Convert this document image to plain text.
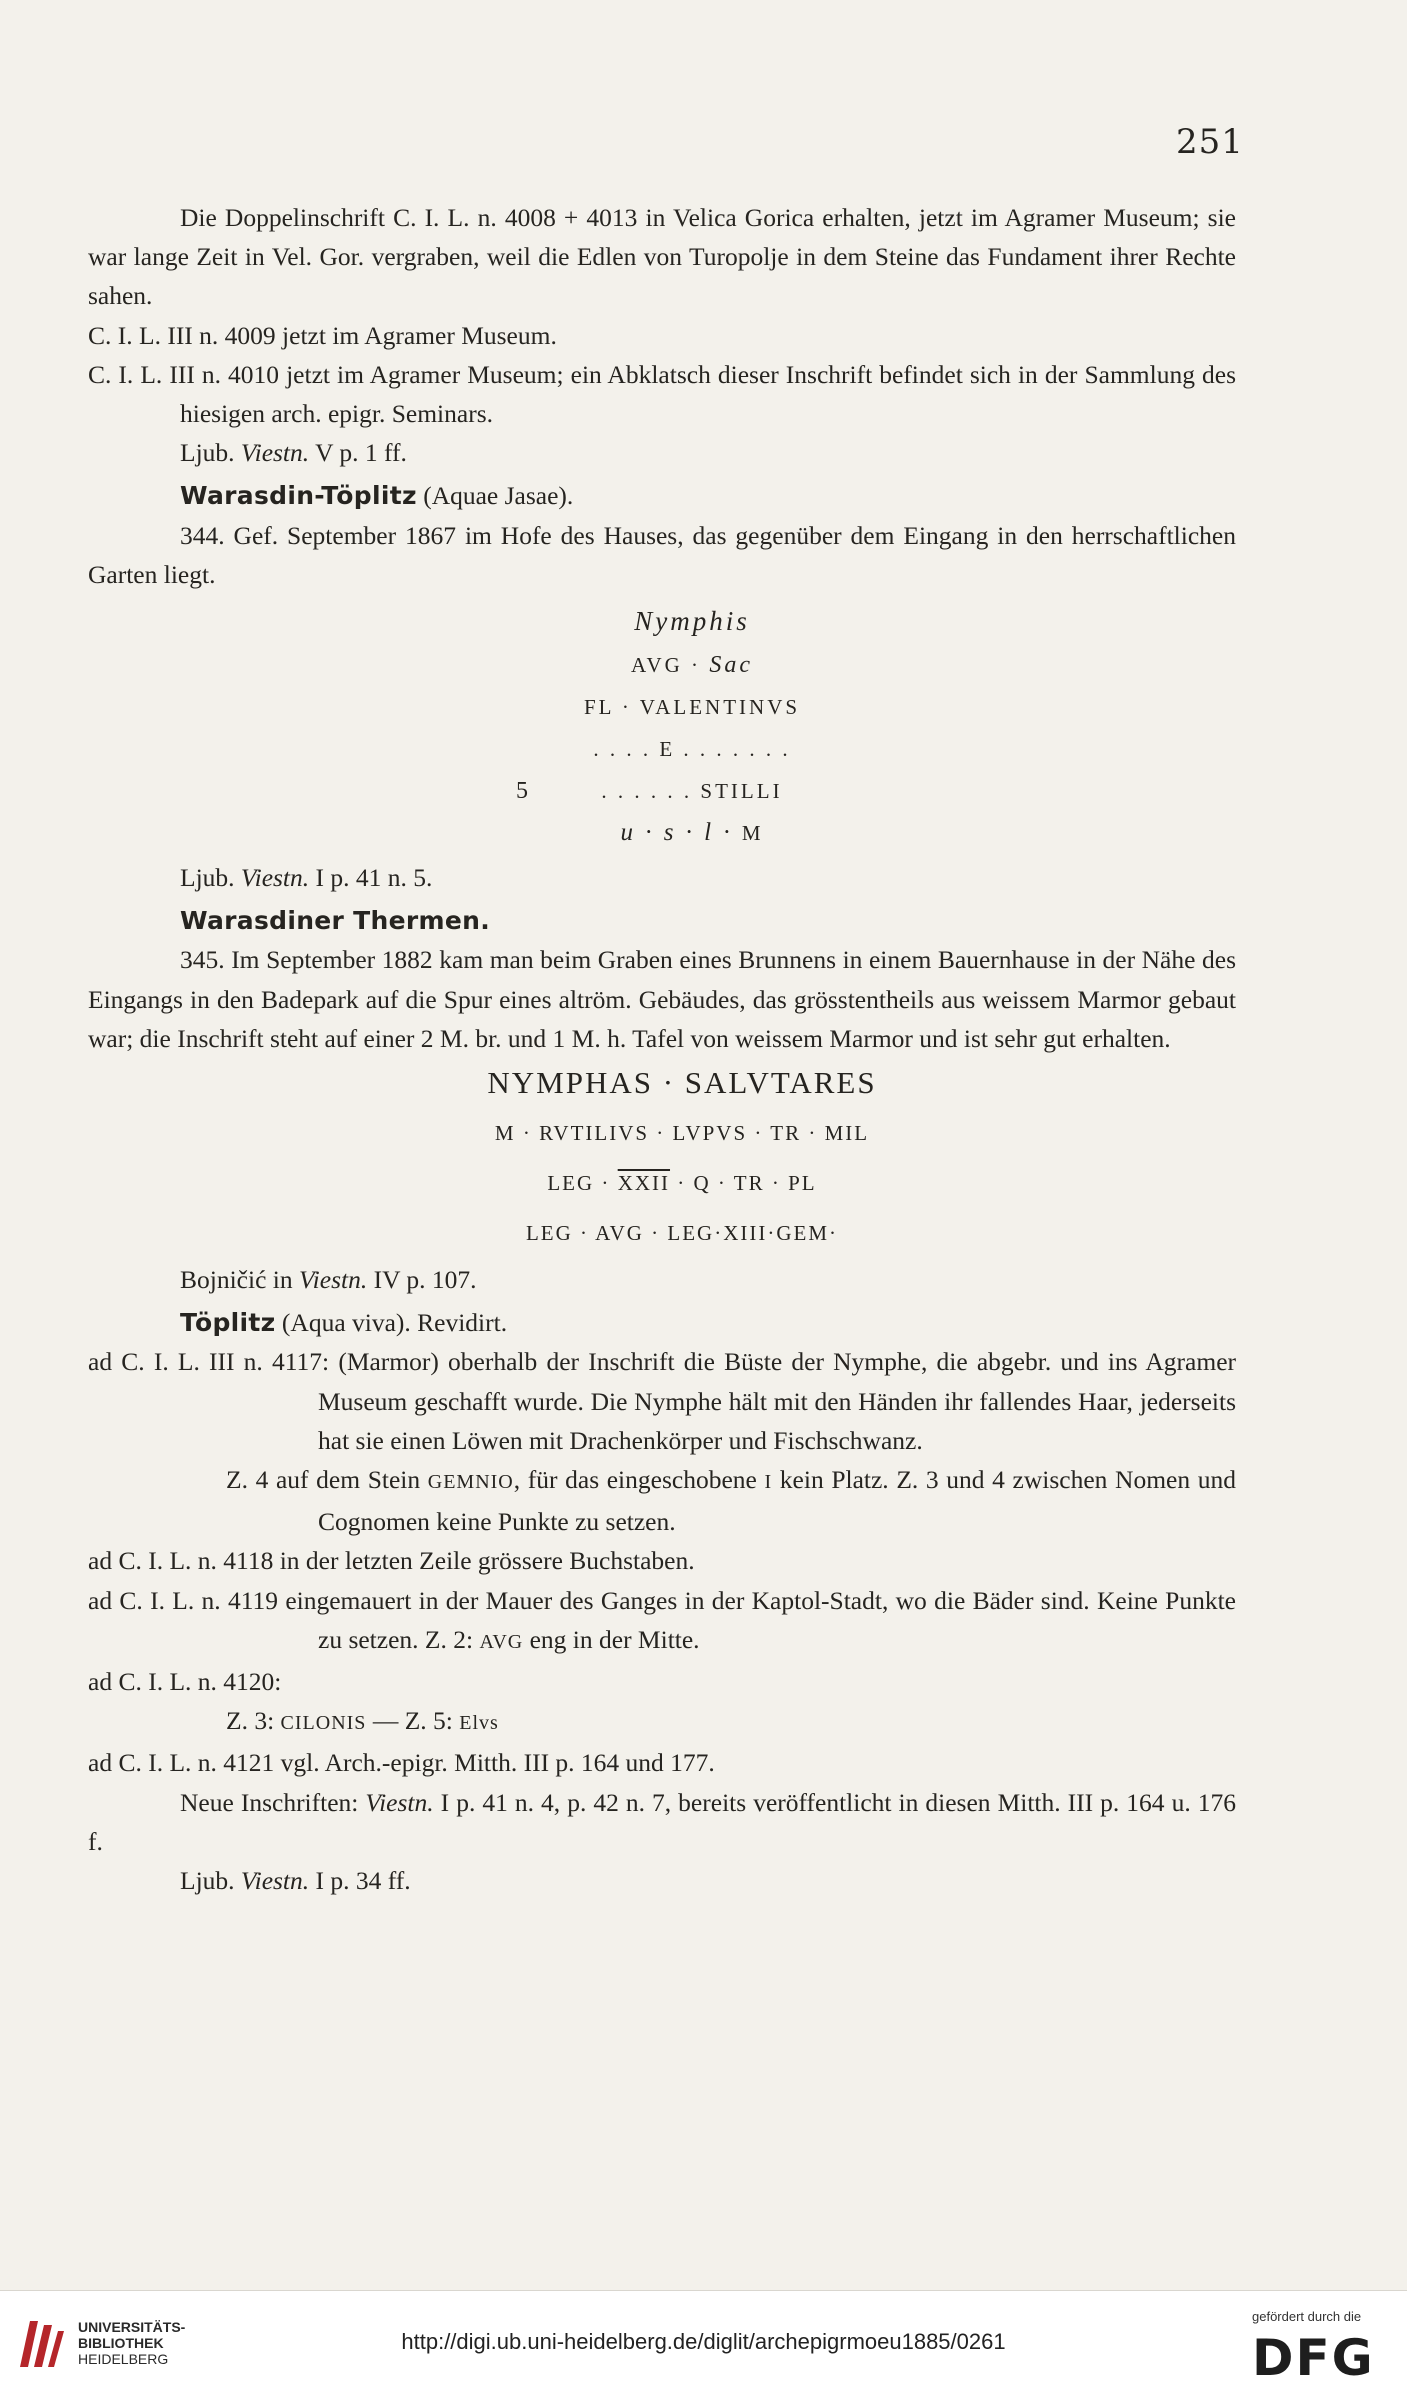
251

Die Doppelinschrift C. I. L. n. 4008 + 4013 in Velica Gorica erhalten, jetzt im Agramer Museum; sie war lange Zeit in Vel. Gor. vergraben, weil die Edlen von Turopolje in dem Steine das Fundament ihrer Rechte sahen.

C. I. L. III n. 4009 jetzt im Agramer Museum.

C. I. L. III n. 4010 jetzt im Agramer Museum; ein Abklatsch dieser Inschrift befindet sich in der Sammlung des hiesigen arch. epigr. Seminars.

Ljub. Viestn. V p. 1 ff.

Warasdin-Töplitz (Aquae Jasae).

344. Gef. September 1867 im Hofe des Hauses, das gegenüber dem Eingang in den herrschaftlichen Garten liegt.

Nymphis
AVG · Sac
FL · VALENTINVS
. . . . E . . . . . . .
5	. . . . . . STILLI
u · s · l · M

Ljub. Viestn. I p. 41 n. 5.

Warasdiner Thermen.

345. Im September 1882 kam man beim Graben eines Brunnens in einem Bauernhause in der Nähe des Eingangs in den Badepark auf die Spur eines altröm. Gebäudes, das grösstentheils aus weissem Marmor gebaut war; die Inschrift steht auf einer 2 M. br. und 1 M. h. Tafel von weissem Marmor und ist sehr gut erhalten.

NYMPHAS · SALVTARES
M · RVTILIVS · LVPVS · TR · MIL
LEG · XXII · Q · TR · PL
LEG · AVG · LEG·XIII·GEM·

Bojničić in Viestn. IV p. 107.

Töplitz (Aqua viva). Revidirt.

ad C. I. L. III n. 4117: (Marmor) oberhalb der Inschrift die Büste der Nymphe, die abgebr. und ins Agramer Museum geschafft wurde. Die Nymphe hält mit den Händen ihr fallendes Haar, jederseits hat sie einen Löwen mit Drachenkörper und Fischschwanz.

Z. 4 auf dem Stein GEMNIO, für das eingeschobene I kein Platz. Z. 3 und 4 zwischen Nomen und Cognomen keine Punkte zu setzen.

ad C. I. L. n. 4118 in der letzten Zeile grössere Buchstaben.

ad C. I. L. n. 4119 eingemauert in der Mauer des Ganges in der Kaptol-Stadt, wo die Bäder sind. Keine Punkte zu setzen. Z. 2: AVG eng in der Mitte.

ad C. I. L. n. 4120:

Z. 3: CILONIS — Z. 5: Elvs

ad C. I. L. n. 4121 vgl. Arch.-epigr. Mitth. III p. 164 und 177.

Neue Inschriften: Viestn. I p. 41 n. 4, p. 42 n. 7, bereits veröffentlicht in diesen Mitth. III p. 164 u. 176 f.

Ljub. Viestn. I p. 34 ff.

UNIVERSITÄTS-
BIBLIOTHEK
HEIDELBERG
http://digi.ub.uni-heidelberg.de/diglit/archepigrmoeu1885/0261
gefördert durch die
DFG
